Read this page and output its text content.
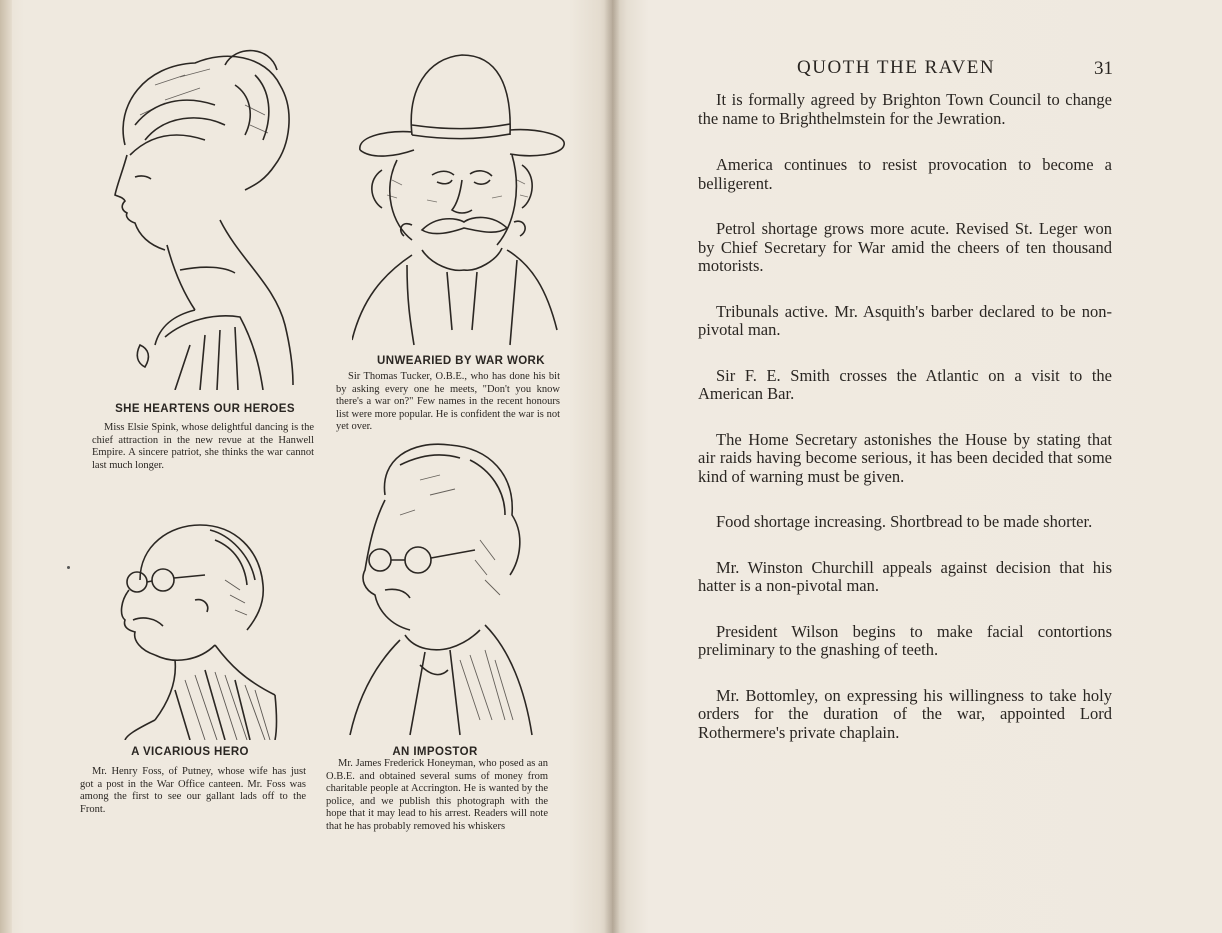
SHE HEARTENS OUR HEROES
Miss Elsie Spink, whose delightful dancing is the chief attraction in the new revue at the Hanwell Empire. A sincere patriot, she thinks the war cannot last much longer.
UNWEARIED BY WAR WORK
Sir Thomas Tucker, O.B.E., who has done his bit by asking every one he meets, "Don't you know there's a war on?" Few names in the recent honours list were more popular. He is confident the war is not yet over.
A VICARIOUS HERO
Mr. Henry Foss, of Putney, whose wife has just got a post in the War Office canteen. Mr. Foss was among the first to see our gallant lads off to the Front.
AN IMPOSTOR
Mr. James Frederick Honeyman, who posed as an O.B.E. and obtained several sums of money from charitable people at Accrington. He is wanted by the police, and we publish this photograph with the hope that it may lead to his arrest. Readers will note that he has probably removed his whiskers
QUOTH THE RAVEN	31

It is formally agreed by Brighton Town Council to change the name to Brighthelmstein for the Jewration.

America continues to resist provocation to become a belligerent.

Petrol shortage grows more acute. Revised St. Leger won by Chief Secretary for War amid the cheers of ten thousand motorists.

Tribunals active. Mr. Asquith's barber declared to be non-pivotal man.

Sir F. E. Smith crosses the Atlantic on a visit to the American Bar.

The Home Secretary astonishes the House by stating that air raids having become serious, it has been decided that some kind of warning must be given.

Food shortage increasing. Shortbread to be made shorter.

Mr. Winston Churchill appeals against decision that his hatter is a non-pivotal man.

President Wilson begins to make facial contortions preliminary to the gnashing of teeth.

Mr. Bottomley, on expressing his willingness to take holy orders for the duration of the war, appointed Lord Rothermere's private chaplain.
